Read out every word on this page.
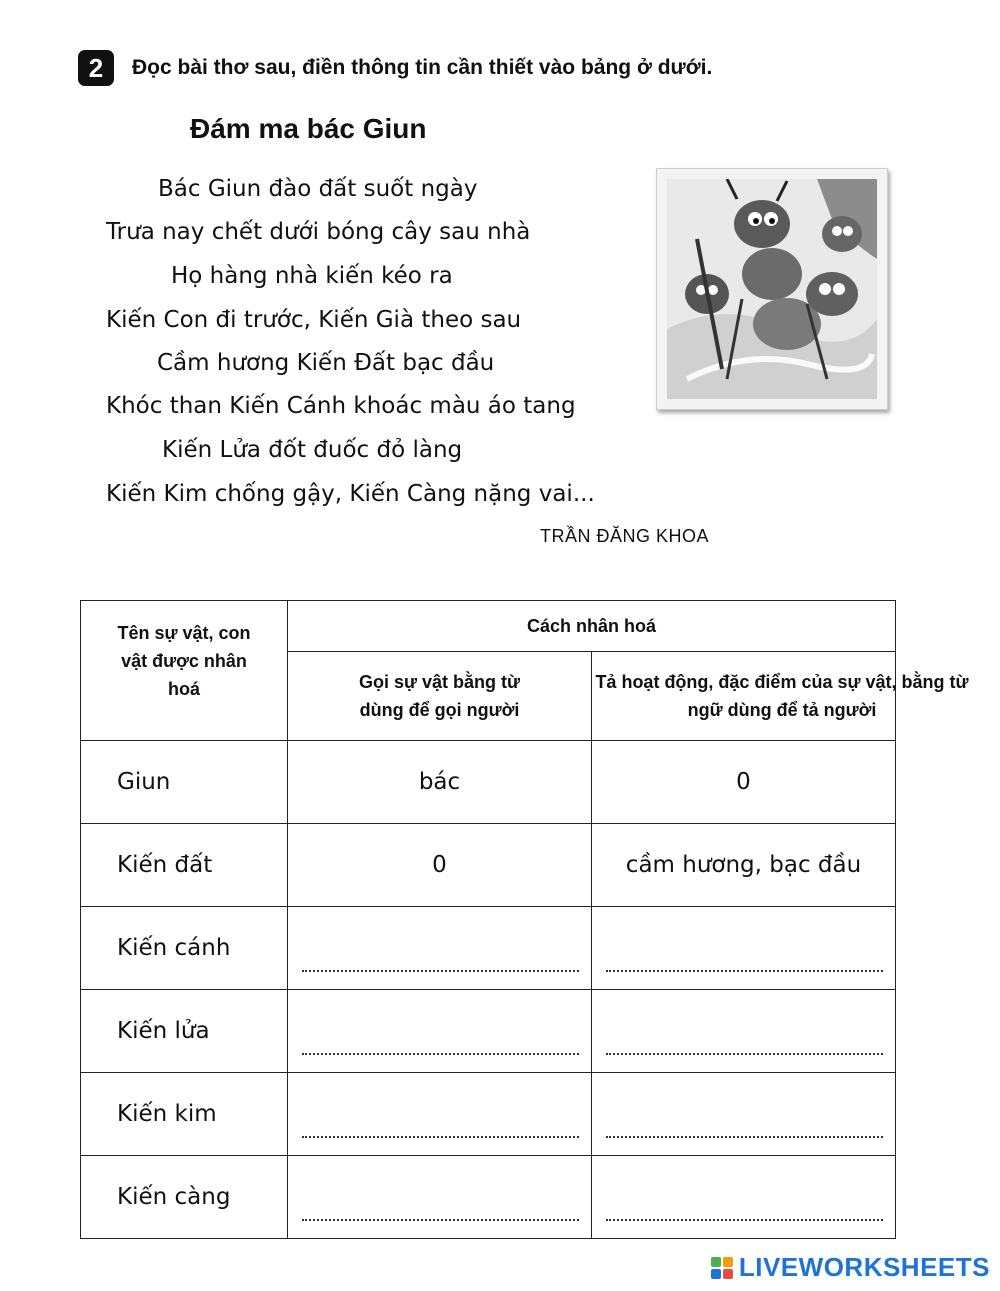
2	Đọc bài thơ sau, điền thông tin cần thiết vào bảng ở dưới.
Đám ma bác Giun
Bác Giun đào đất suốt ngày
Trưa nay chết dưới bóng cây sau nhà
Họ hàng nhà kiến kéo ra
Kiến Con đi trước, Kiến Già theo sau
Cầm hương Kiến Đất bạc đầu
Khóc than Kiến Cánh khoác màu áo tang
Kiến Lửa đốt đuốc đỏ làng
Kiến Kim chống gậy, Kiến Càng nặng vai...
TRẦN ĐĂNG KHOA
Tên sự vật, con vật được nhân hoá	Cách nhân hoá	

	Gọi sự vật bằng từ dùng để gọi người	Tả hoạt động, đặc điểm của sự vật, bằng từ ngữ dùng để tả người

Giun	bác	0
Kiến đất	0	cầm hương, bạc đầu
Kiến cánh	

Kiến lửa	

Kiến kim	

Kiến càng	

LIVEWORKSHEETS
